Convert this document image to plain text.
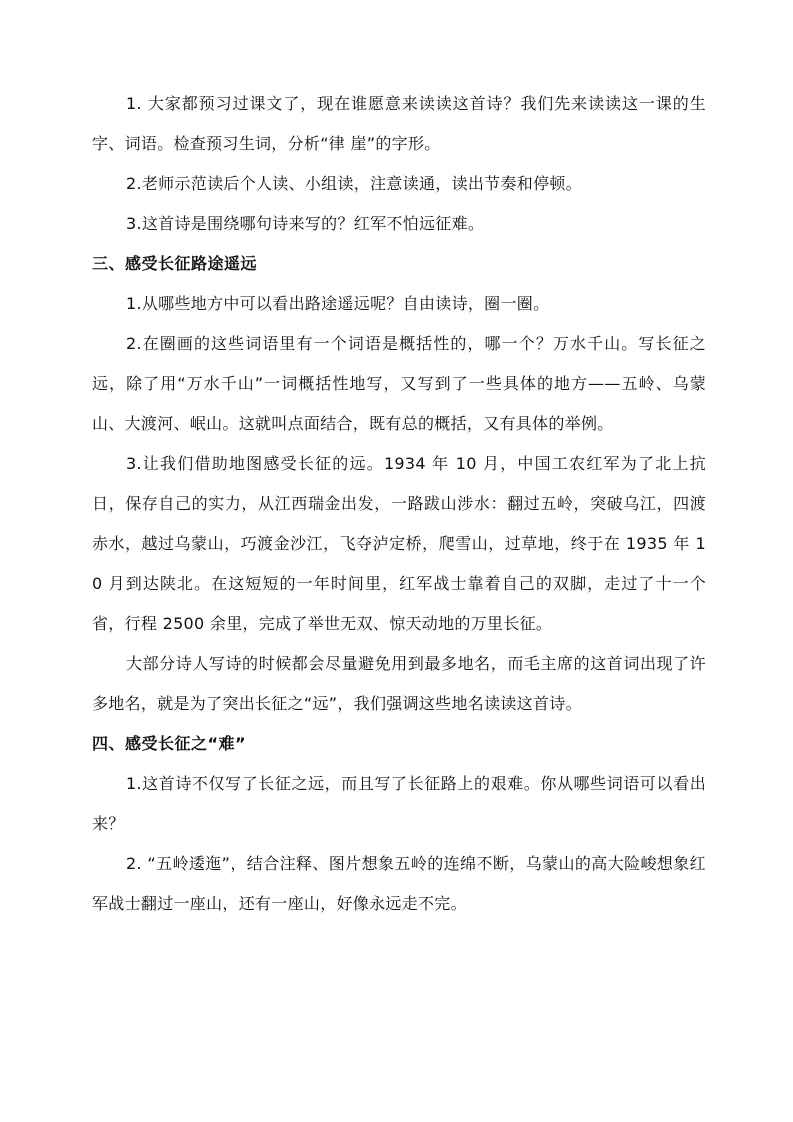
1. 大家都预习过课文了，现在谁愿意来读读这首诗？我们先来读读这一课的生字、词语。检查预习生词，分析“律 崖”的字形。

2.老师示范读后个人读、小组读，注意读通，读出节奏和停顿。

3.这首诗是围绕哪句诗来写的？红军不怕远征难。

三、感受长征路途遥远

1.从哪些地方中可以看出路途遥远呢？自由读诗，圈一圈。

2.在圈画的这些词语里有一个词语是概括性的，哪一个？万水千山。写长征之远，除了用“万水千山”一词概括性地写，又写到了一些具体的地方——五岭、乌蒙山、大渡河、岷山。这就叫点面结合，既有总的概括，又有具体的举例。

3.让我们借助地图感受长征的远。1934 年 10 月，中国工农红军为了北上抗日，保存自己的实力，从江西瑞金出发，一路跋山涉水：翻过五岭，突破乌江，四渡赤水，越过乌蒙山，巧渡金沙江，飞夺泸定桥，爬雪山，过草地，终于在 1935 年 10 月到达陕北。在这短短的一年时间里，红军战士靠着自己的双脚，走过了十一个省，行程 2500 余里，完成了举世无双、惊天动地的万里长征。

大部分诗人写诗的时候都会尽量避免用到最多地名，而毛主席的这首词出现了许多地名，就是为了突出长征之“远”，我们强调这些地名读读这首诗。

四、感受长征之“难”

1.这首诗不仅写了长征之远，而且写了长征路上的艰难。你从哪些词语可以看出来？

2. “五岭逶迤”，结合注释、图片想象五岭的连绵不断，乌蒙山的高大险峻想象红军战士翻过一座山，还有一座山，好像永远走不完。
